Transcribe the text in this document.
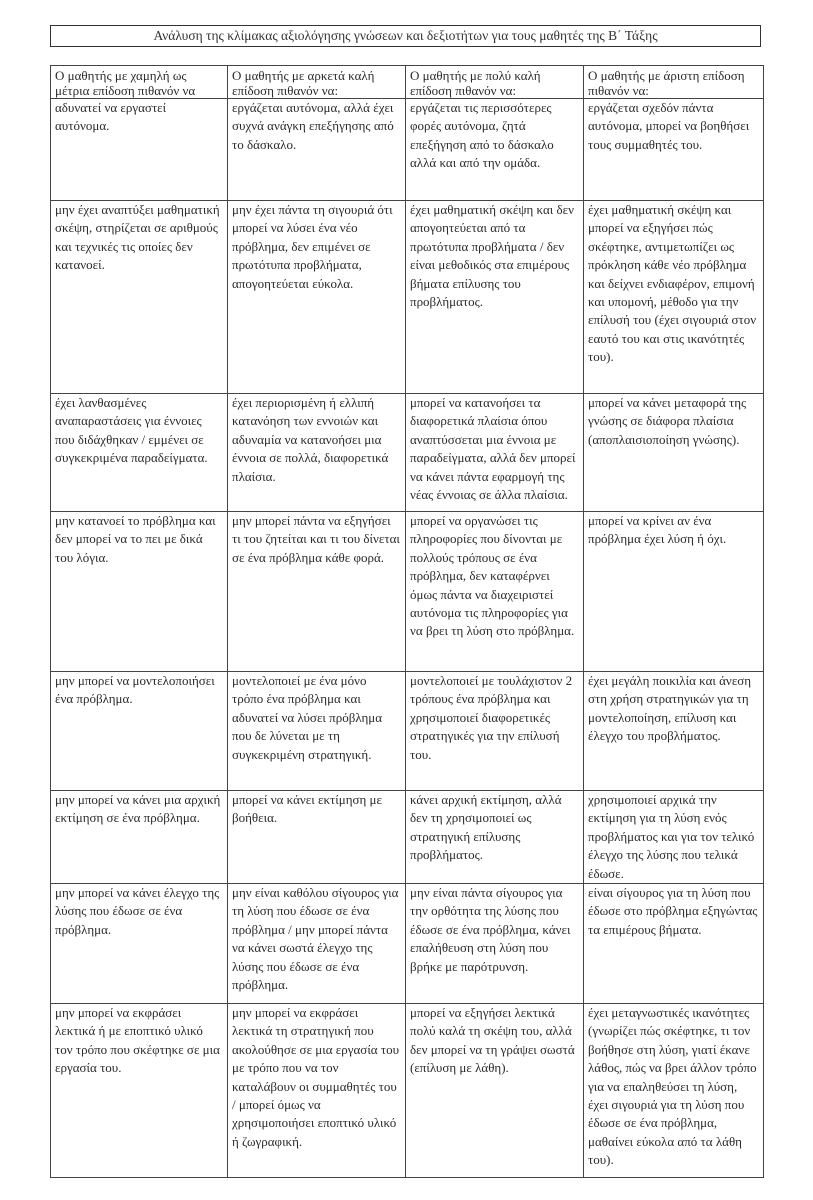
Ανάλυση της κλίμακας αξιολόγησης γνώσεων και δεξιοτήτων για τους μαθητές της Β΄ Τάξης
Ο μαθητής με χαμηλή ως μέτρια επίδοση πιθανόν να	Ο μαθητής με αρκετά καλή επίδοση πιθανόν να:	Ο μαθητής με πολύ καλή επίδοση πιθανόν να:	Ο μαθητής με άριστη επίδοση πιθανόν να:
αδυνατεί να εργαστεί αυτόνομα.	εργάζεται αυτόνομα, αλλά έχει συχνά ανάγκη επεξήγησης από το δάσκαλο.	εργάζεται τις περισσότερες φορές αυτόνομα, ζητά επεξήγηση από το δάσκαλο αλλά και από την ομάδα.	εργάζεται σχεδόν πάντα αυτόνομα, μπορεί να βοηθήσει τους συμμαθητές του.
μην έχει αναπτύξει μαθηματική σκέψη, στηρίζεται σε αριθμούς και τεχνικές τις οποίες δεν κατανοεί.	μην έχει πάντα τη σιγουριά ότι μπορεί να λύσει ένα νέο πρόβλημα, δεν επιμένει σε πρωτότυπα προβλήματα, απογοητεύεται εύκολα.	έχει μαθηματική σκέψη και δεν απογοητεύεται από τα πρωτότυπα προβλήματα / δεν είναι μεθοδικός στα επιμέρους βήματα επίλυσης του προβλήματος.	έχει μαθηματική σκέψη και μπορεί να εξηγήσει πώς σκέφτηκε, αντιμετωπίζει ως πρόκληση κάθε νέο πρόβλημα και δείχνει ενδιαφέρον, επιμονή και υπομονή, μέθοδο για την επίλυσή του (έχει σιγουριά στον εαυτό του και στις ικανότητές του).
έχει λανθασμένες αναπαραστάσεις για έννοιες που διδάχθηκαν / εμμένει σε συγκεκριμένα παραδείγματα.	έχει περιορισμένη ή ελλιπή κατανόηση των εννοιών και αδυναμία να κατανοήσει μια έννοια σε πολλά, διαφορετικά πλαίσια.	μπορεί να κατανοήσει τα διαφορετικά πλαίσια όπου αναπτύσσεται μια έννοια με παραδείγματα, αλλά δεν μπορεί να κάνει πάντα εφαρμογή της νέας έννοιας σε άλλα πλαίσια.	μπορεί να κάνει μεταφορά της γνώσης σε διάφορα πλαίσια (αποπλαισιοποίηση γνώσης).
μην κατανοεί το πρόβλημα και δεν μπορεί να το πει με δικά του λόγια.	μην μπορεί πάντα να εξηγήσει τι του ζητείται και τι του δίνεται σε ένα πρόβλημα κάθε φορά.	μπορεί να οργανώσει τις πληροφορίες που δίνονται με πολλούς τρόπους σε ένα πρόβλημα, δεν καταφέρνει όμως πάντα να διαχειριστεί αυτόνομα τις πληροφορίες για να βρει τη λύση στο πρόβλημα.	μπορεί να κρίνει αν ένα πρόβλημα έχει λύση ή όχι.
μην μπορεί να μοντελοποιήσει ένα πρόβλημα.	μοντελοποιεί με ένα μόνο τρόπο ένα πρόβλημα και αδυνατεί να λύσει πρόβλημα που δε λύνεται με τη συγκεκριμένη στρατηγική.	μοντελοποιεί με τουλάχιστον 2 τρόπους ένα πρόβλημα και χρησιμοποιεί διαφορετικές στρατηγικές για την επίλυσή του.	έχει μεγάλη ποικιλία και άνεση στη χρήση στρατηγικών για τη μοντελοποίηση, επίλυση και έλεγχο του προβλήματος.
μην μπορεί να κάνει μια αρχική εκτίμηση σε ένα πρόβλημα.	μπορεί να κάνει εκτίμηση με βοήθεια.	κάνει αρχική εκτίμηση, αλλά δεν τη χρησιμοποιεί ως στρατηγική επίλυσης προβλήματος.	χρησιμοποιεί αρχικά την εκτίμηση για τη λύση ενός προβλήματος και για τον τελικό έλεγχο της λύσης που τελικά έδωσε.
μην μπορεί να κάνει έλεγχο της λύσης που έδωσε σε ένα πρόβλημα.	μην είναι καθόλου σίγουρος για τη λύση που έδωσε σε ένα πρόβλημα / μην μπορεί πάντα να κάνει σωστά έλεγχο της λύσης που έδωσε σε ένα πρόβλημα.	μην είναι πάντα σίγουρος για την ορθότητα της λύσης που έδωσε σε ένα πρόβλημα, κάνει επαλήθευση στη λύση που βρήκε με παρότρυνση.	είναι σίγουρος για τη λύση που έδωσε στο πρόβλημα εξηγώντας τα επιμέρους βήματα.
μην μπορεί να εκφράσει λεκτικά ή με εποπτικό υλικό τον τρόπο που σκέφτηκε σε μια εργασία του.	μην μπορεί να εκφράσει λεκτικά τη στρατηγική που ακολούθησε σε μια εργασία του με τρόπο που να τον καταλάβουν οι συμμαθητές του / μπορεί όμως να χρησιμοποιήσει εποπτικό υλικό ή ζωγραφική.	μπορεί να εξηγήσει λεκτικά πολύ καλά τη σκέψη του, αλλά δεν μπορεί να τη γράψει σωστά (επίλυση με λάθη).	έχει μεταγνωστικές ικανότητες (γνωρίζει πώς σκέφτηκε, τι τον βοήθησε στη λύση, γιατί έκανε λάθος, πώς να βρει άλλον τρόπο για να επαληθεύσει τη λύση, έχει σιγουριά για τη λύση που έδωσε σε ένα πρόβλημα, μαθαίνει εύκολα από τα λάθη του).
